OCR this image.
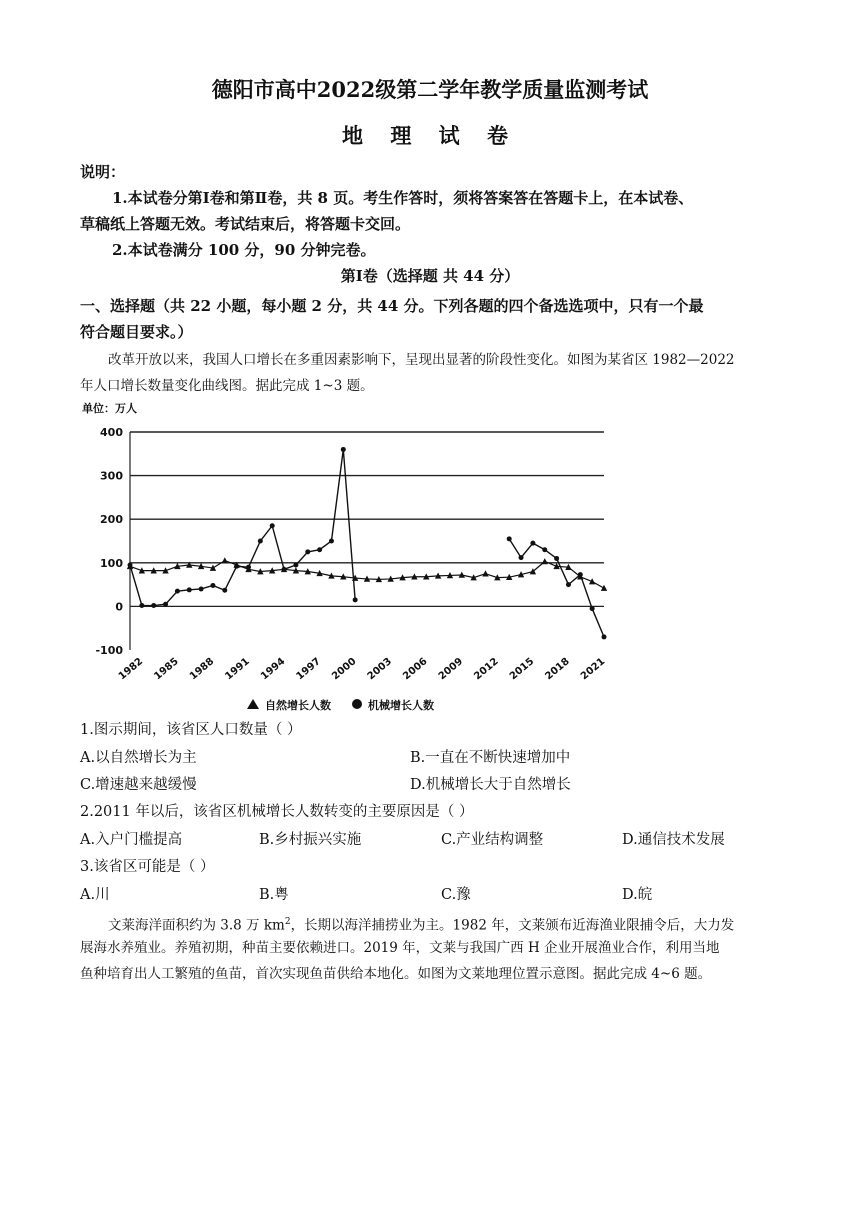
德阳市高中2022级第二学年教学质量监测考试
地 理 试 卷
说明：
1.本试卷分第Ⅰ卷和第Ⅱ卷，共 8 页。考生作答时，须将答案答在答题卡上，在本试卷、
草稿纸上答题无效。考试结束后，将答题卡交回。
2.本试卷满分 100 分，90 分钟完卷。
第Ⅰ卷（选择题 共 44 分）
一、选择题（共 22 小题，每小题 2 分，共 44 分。下列各题的四个备选选项中，只有一个最
符合题目要求。）
改革开放以来，我国人口增长在多重因素影响下，呈现出显著的阶段性变化。如图为某省区 1982—2022
年人口增长数量变化曲线图。据此完成 1~3 题。
单位：万人
400
300
200
100
0
-100
1982 1985 1988 1991 1994 1997 2000 2003 2006 2009 2012 2015 2018 2021
自然增长人数	机械增长人数
1.图示期间，该省区人口数量（ ）
A.以自然增长为主	B.一直在不断快速增加中
C.增速越来越缓慢	D.机械增长大于自然增长
2.2011 年以后，该省区机械增长人数转变的主要原因是（ ）
A.入户门槛提高	B.乡村振兴实施	C.产业结构调整	D.通信技术发展
3.该省区可能是（ ）
A.川	B.粤	C.豫	D.皖
文莱海洋面积约为 3.8 万 $km^2$，长期以海洋捕捞业为主。1982 年，文莱颁布近海渔业限捕令后，大力发
展海水养殖业。养殖初期，种苗主要依赖进口。2019 年，文莱与我国广西 H 企业开展渔业合作，利用当地
鱼种培育出人工繁殖的鱼苗，首次实现鱼苗供给本地化。如图为文莱地理位置示意图。据此完成 4~6 题。
